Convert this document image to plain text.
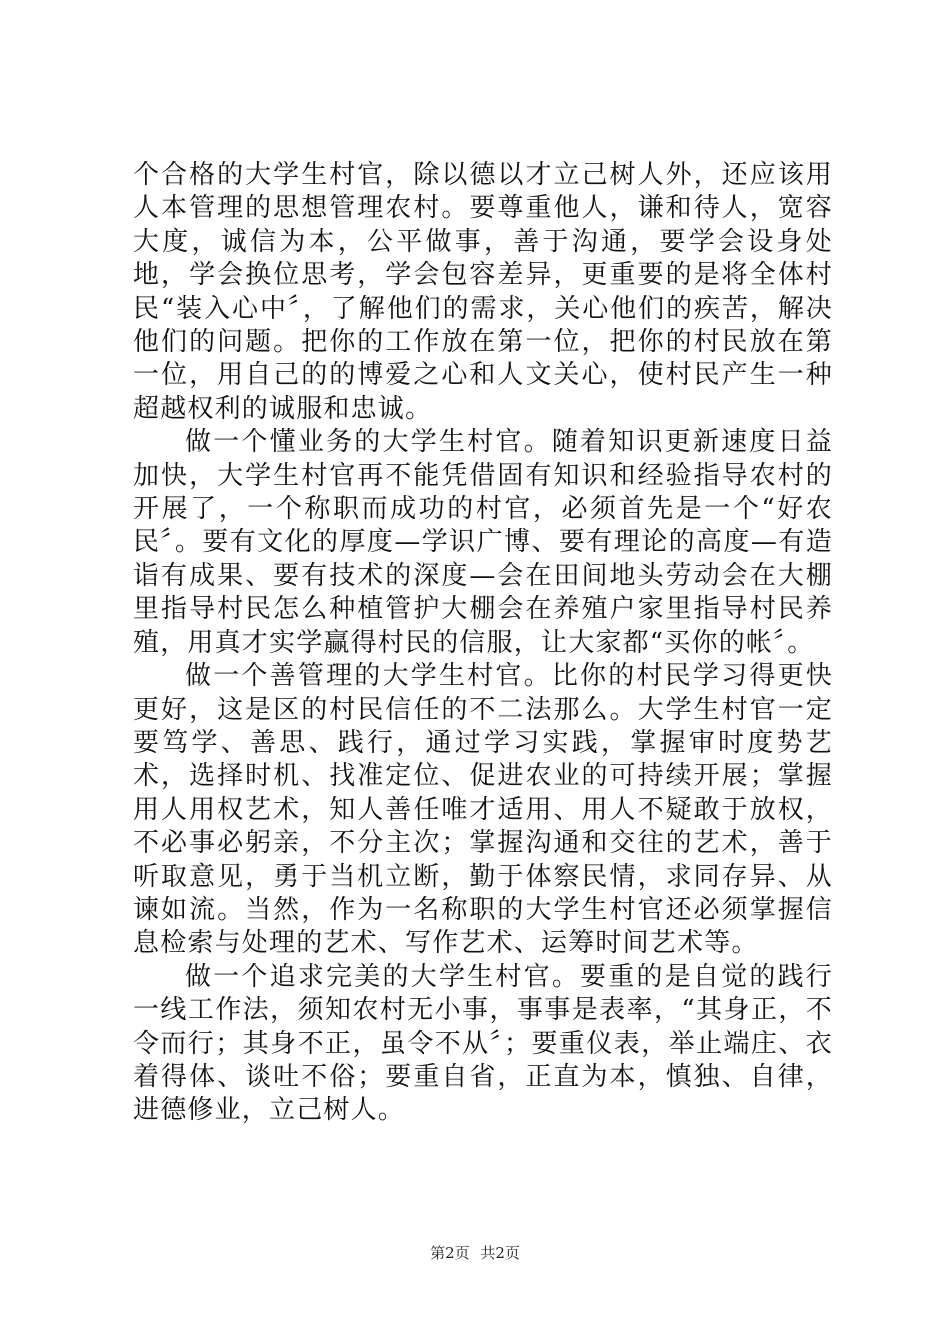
个合格的大学生村官，除以德以才立己树人外，还应该用人本管理的思想管理农村。要尊重他人，谦和待人，宽容大度，诚信为本，公平做事，善于沟通，要学会设身处地，学会换位思考，学会包容差异，更重要的是将全体村民“装入心中〞，了解他们的需求，关心他们的疾苦，解决他们的问题。把你的工作放在第一位，把你的村民放在第一位，用自己的的博爱之心和人文关心，使村民产生一种超越权利的诚服和忠诚。

做一个懂业务的大学生村官。随着知识更新速度日益加快，大学生村官再不能凭借固有知识和经验指导农村的开展了，一个称职而成功的村官，必须首先是一个“好农民〞。要有文化的厚度—学识广博、要有理论的高度—有造诣有成果、要有技术的深度—会在田间地头劳动会在大棚里指导村民怎么种植管护大棚会在养殖户家里指导村民养殖，用真才实学赢得村民的信服，让大家都“买你的帐〞。

做一个善管理的大学生村官。比你的村民学习得更快更好，这是区的村民信任的不二法那么。大学生村官一定要笃学、善思、践行，通过学习实践，掌握审时度势艺术，选择时机、找准定位、促进农业的可持续开展；掌握用人用权艺术，知人善任唯才适用、用人不疑敢于放权，不必事必躬亲，不分主次；掌握沟通和交往的艺术，善于听取意见，勇于当机立断，勤于体察民情，求同存异、从谏如流。当然，作为一名称职的大学生村官还必须掌握信息检索与处理的艺术、写作艺术、运筹时间艺术等。

做一个追求完美的大学生村官。要重的是自觉的践行一线工作法，须知农村无小事，事事是表率，“其身正，不令而行；其身不正，虽令不从〞；要重仪表，举止端庄、衣着得体、谈吐不俗；要重自省，正直为本，慎独、自律，进德修业，立己树人。

第2页 共2页
